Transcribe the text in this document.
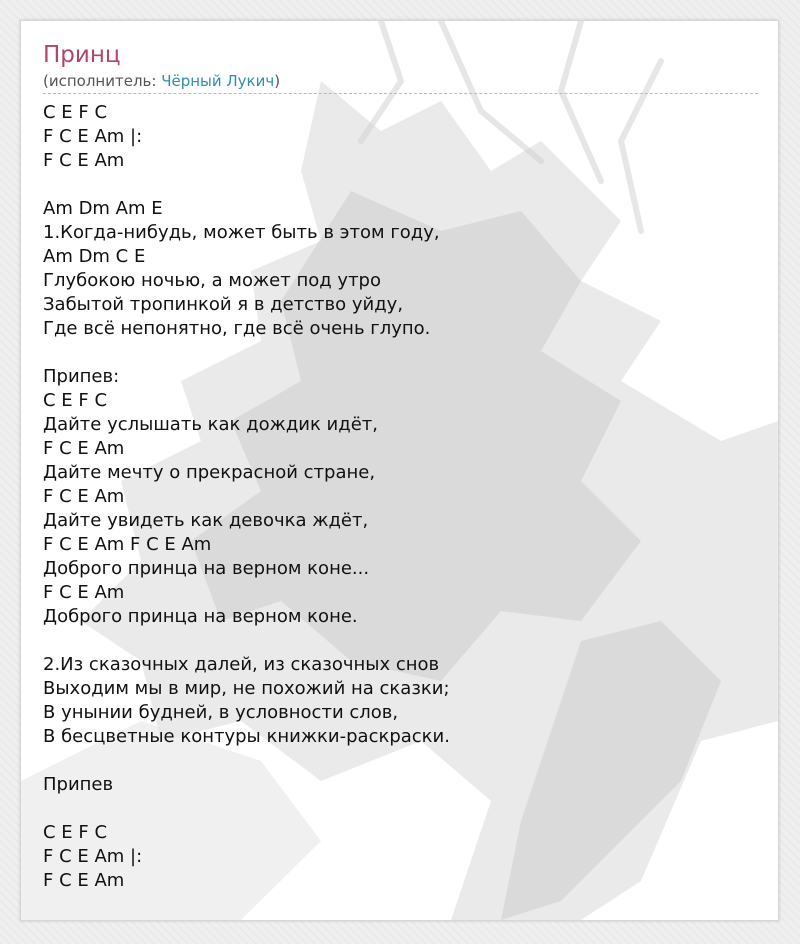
Принц
(исполнитель: Чёрный Лукич)
C E F C
F C E Am |:
F C E Am
Am Dm Am E
1.Когда-нибудь, может быть в этом году,
Am Dm C E
Глубокою ночью, а может под утро
Забытой тропинкой я в детство уйду,
Где всё непонятно, где всё очень глупо.
Припев:
C E F C
Дайте услышать как дождик идёт,
F C E Am
Дайте мечту о прекрасной стране,
F C E Am
Дайте увидеть как девочка ждёт,
F C E Am F C E Am
Доброго принца на верном коне...
F C E Am
Доброго принца на верном коне.
2.Из сказочных далей, из сказочных снов
Выходим мы в мир, не похожий на сказки;
В унынии будней, в условности слов,
В бесцветные контуры книжки-раскраски.
Припев
C E F C
F C E Am |:
F C E Am
